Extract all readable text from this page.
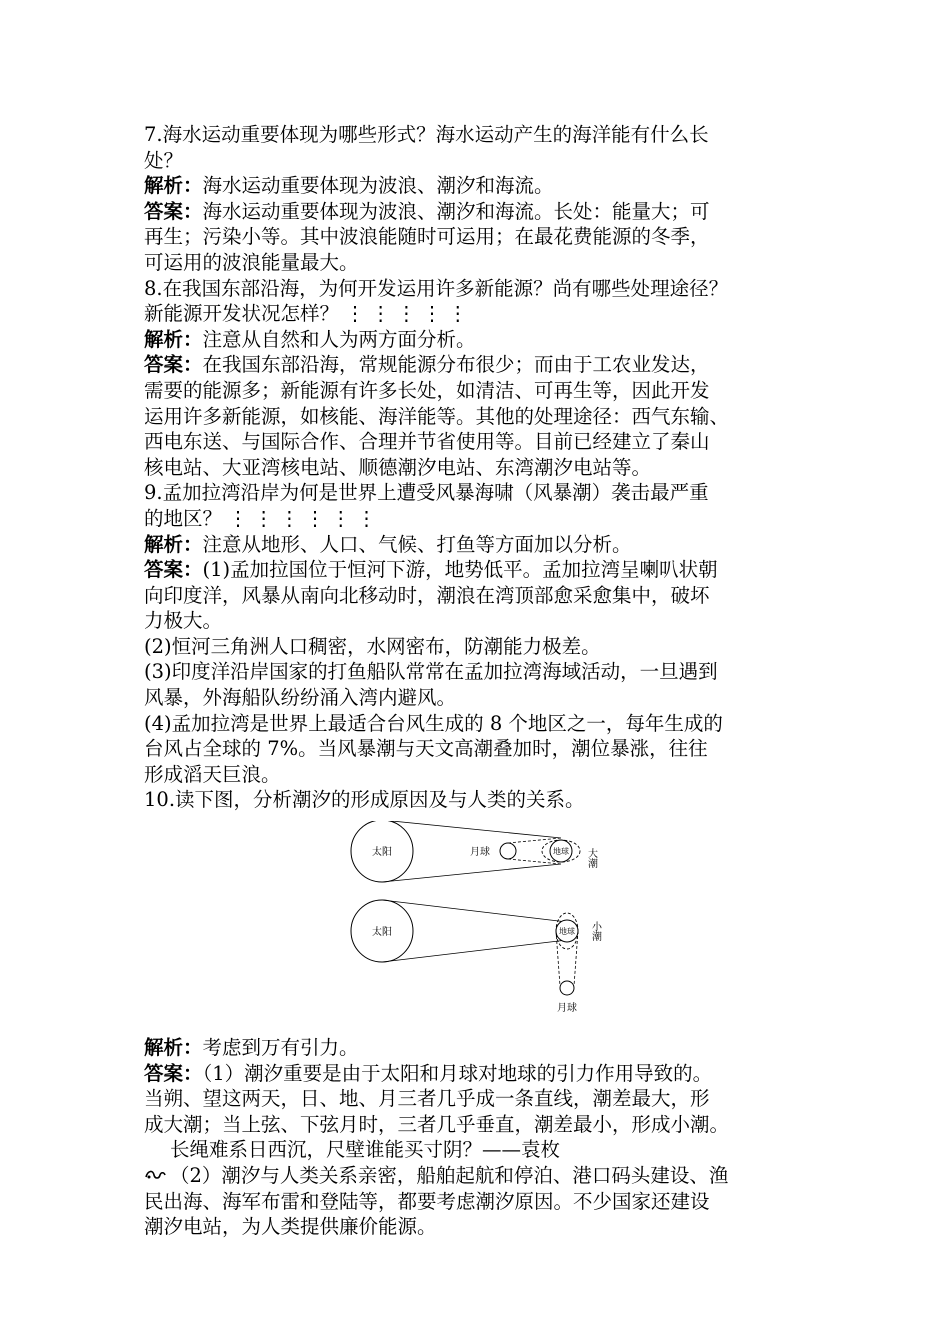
7.海水运动重要体现为哪些形式？海水运动产生的海洋能有什么长
处？
解析：海水运动重要体现为波浪、潮汐和海流。
答案：海水运动重要体现为波浪、潮汐和海流。长处：能量大；可
再生；污染小等。其中波浪能随时可运用；在最花费能源的冬季，
可运用的波浪能量最大。
8.在我国东部沿海，为何开发运用许多新能源？尚有哪些处理途径？
新能源开发状况怎样？ ⋮ ⋮ ⋮ ⋮ ⋮
解析：注意从自然和人为两方面分析。
答案：在我国东部沿海，常规能源分布很少；而由于工农业发达，
需要的能源多；新能源有许多长处，如清洁、可再生等，因此开发
运用许多新能源，如核能、海洋能等。其他的处理途径：西气东输、
西电东送、与国际合作、合理并节省使用等。目前已经建立了秦山
核电站、大亚湾核电站、顺德潮汐电站、东湾潮汐电站等。
9.孟加拉湾沿岸为何是世界上遭受风暴海啸（风暴潮）袭击最严重
的地区？ ⋮ ⋮ ⋮ ⋮ ⋮ ⋮
解析：注意从地形、人口、气候、打鱼等方面加以分析。
答案：(1)孟加拉国位于恒河下游，地势低平。孟加拉湾呈喇叭状朝
向印度洋，风暴从南向北移动时，潮浪在湾顶部愈采愈集中，破坏
力极大。
(2)恒河三角洲人口稠密，水网密布，防潮能力极差。
(3)印度洋沿岸国家的打鱼船队常常在孟加拉湾海域活动，一旦遇到
风暴，外海船队纷纷涌入湾内避风。
(4)孟加拉湾是世界上最适合台风生成的 8 个地区之一，每年生成的
台风占全球的 7%。当风暴潮与天文高潮叠加时，潮位暴涨，往往
形成滔天巨浪。
10.读下图，分析潮汐的形成原因及与人类的关系。
太阳	月球	地球 大潮
太阳	地球
月球
小潮
解析：考虑到万有引力。
答案：（1）潮汐重要是由于太阳和月球对地球的引力作用导致的。
当朔、望这两天，日、地、月三者几乎成一条直线，潮差最大，形
成大潮；当上弦、下弦月时，三者几乎垂直，潮差最小，形成小潮。
长绳难系日西沉，尺壁谁能买寸阴？——袁枚
（2）潮汐与人类关系亲密，船舶起航和停泊、港口码头建设、渔
民出海、海军布雷和登陆等，都要考虑潮汐原因。不少国家还建设
潮汐电站，为人类提供廉价能源。
